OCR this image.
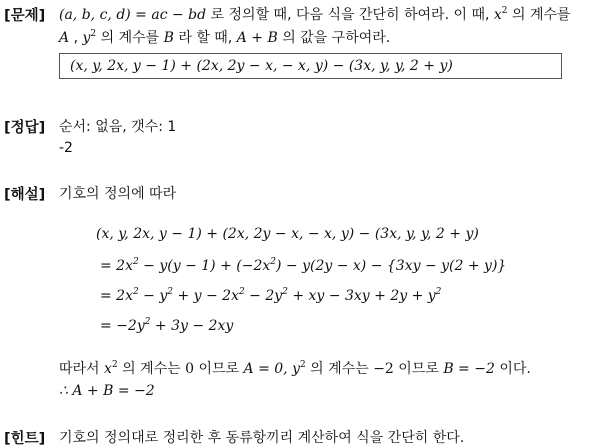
[문제] (a, b, c, d) = ac − bd 로 정의할 때, 다음 식을 간단히 하여라. 이 때, $x^2$ 의 계수를
A , $y^2$ 의 계수를 B 라 할 때, A + B 의 값을 구하여라.
(x, y, 2x, y − 1) + (2x, 2y − x, − x, y) − (3x, y, y, 2 + y)
[정답] 순서: 없음, 갯수: 1
-2
[해설] 기호의 정의에 따라
(x, y, 2x, y − 1) + (2x, 2y − x, − x, y) − (3x, y, y, 2 + y)
= $2x^2 - y(y - 1) + (-2x^2) - y(2y - x) - \{3xy - y(2 + y)\}$
= $2x^2 - y^2 + y - 2x^2 - 2y^2$ + xy − $3xy + 2y + y^2$
= $-2y^2 + 3y - 2xy$
따라서 $x^2$ 의 계수는 0 이므로 A = 0, $y^2$ 의 계수는 −2 이므로 B = −2 이다.
∴ A + B = −2
[힌트] 기호의 정의대로 정리한 후 동류항끼리 계산하여 식을 간단히 한다.
